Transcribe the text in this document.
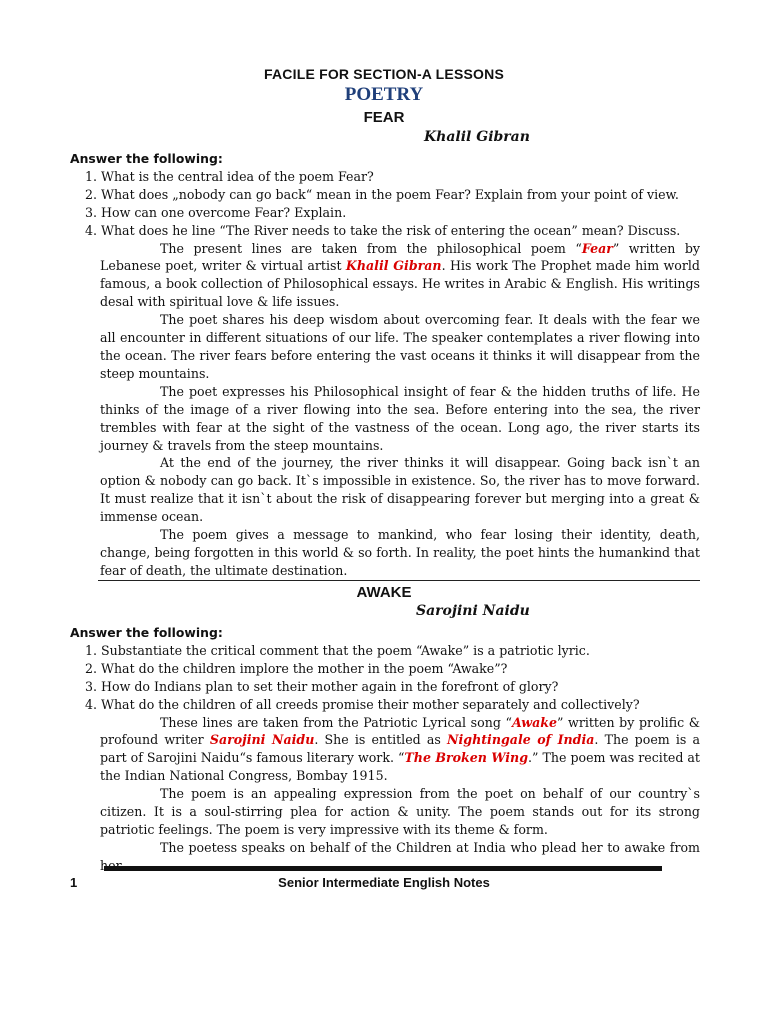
FACILE FOR SECTION-A LESSONS
POETRY
FEAR
Khalil Gibran
Answer the following:
1. What is the central idea of the poem Fear?
2. What does „nobody can go back“ mean in the poem Fear? Explain from your point of view.
3. How can one overcome Fear? Explain.
4. What does he line “The River needs to take the risk of entering the ocean” mean? Discuss.

The present lines are taken from the philosophical poem “Fear” written by Lebanese poet, writer & virtual artist Khalil Gibran. His work The Prophet made him world famous, a book collection of Philosophical essays. He writes in Arabic & English. His writings desal with spiritual love & life issues.

The poet shares his deep wisdom about overcoming fear. It deals with the fear we all encounter in different situations of our life. The speaker contemplates a river flowing into the ocean. The river fears before entering the vast oceans it thinks it will disappear from the steep mountains.

The poet expresses his Philosophical insight of fear & the hidden truths of life. He thinks of the image of a river flowing into the sea. Before entering into the sea, the river trembles with fear at the sight of the vastness of the ocean. Long ago, the river starts its journey & travels from the steep mountains.

At the end of the journey, the river thinks it will disappear. Going back isn`t an option & nobody can go back. It`s impossible in existence. So, the river has to move forward. It must realize that it isn`t about the risk of disappearing forever but merging into a great & immense ocean.

The poem gives a message to mankind, who fear losing their identity, death, change, being forgotten in this world & so forth. In reality, the poet hints the humankind that fear of death, the ultimate destination.

AWAKE
Sarojini Naidu
Answer the following:
1. Substantiate the critical comment that the poem “Awake” is a patriotic lyric.
2. What do the children implore the mother in the poem “Awake”?
3. How do Indians plan to set their mother again in the forefront of glory?
4. What do the children of all creeds promise their mother separately and collectively?

These lines are taken from the Patriotic Lyrical song “Awake” written by prolific & profound writer Sarojini Naidu. She is entitled as Nightingale of India. The poem is a part of Sarojini Naidu“s famous literary work. “The Broken Wing.” The poem was recited at the Indian National Congress, Bombay 1915.

The poem is an appealing expression from the poet on behalf of our country`s citizen. It is a soul-stirring plea for action & unity. The poem stands out for its strong patriotic feelings. The poem is very impressive with its theme & form.

The poetess speaks on behalf of the Children at India who plead her to awake from her

1	Senior Intermediate English Notes
